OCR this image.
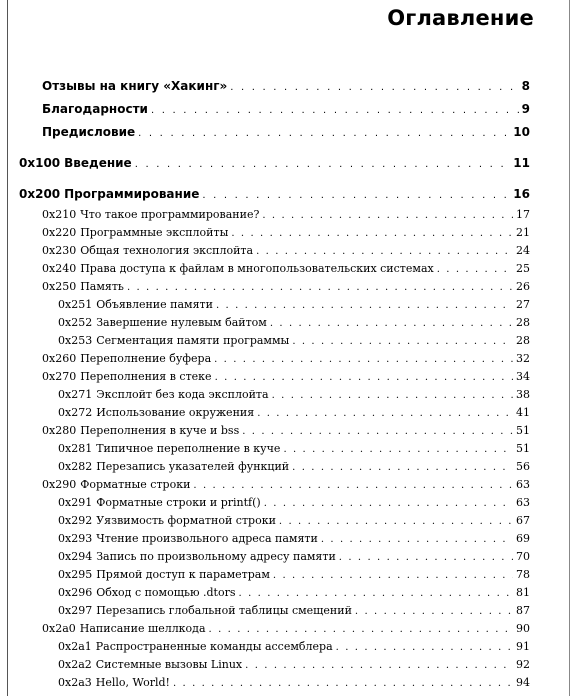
Оглавление
Отзывы на книгу «Хакинг» . . .	8
Благодарности . . .	9
Предисловие . . .	10
0x100 Введение . . .	11
0x200 Программирование . . .	16
0x210 Что такое программирование? . . .	17
0x220 Программные эксплойты . . .	21
0x230 Общая технология эксплойта . . .	24
0x240 Права доступа к файлам в многопользовательских системах . . .	25
0x250 Память . . .	26
0x251 Объявление памяти . . .	27
0x252 Завершение нулевым байтом . . .	28
0x253 Сегментация памяти программы . . .	28
0x260 Переполнение буфера . . .	32
0x270 Переполнения в стеке . . .	34
0x271 Эксплойт без кода эксплойта . . .	38
0x272 Использование окружения . . .	41
0x280 Переполнения в куче и bss . . .	51
0x281 Типичное переполнение в куче . . .	51
0x282 Перезапись указателей функций . . .	56
0x290 Форматные строки . . .	63
0x291 Форматные строки и printf() . . .	63
0x292 Уязвимость форматной строки . . .	67
0x293 Чтение произвольного адреса памяти . . .	69
0x294 Запись по произвольному адресу памяти . . .	70
0x295 Прямой доступ к параметрам . . .	78
0x296 Обход с помощью .dtors . . .	81
0x297 Перезапись глобальной таблицы смещений . . .	87
0x2a0 Написание шеллкода . . .	90
0x2a1 Распространенные команды ассемблера . . .	91
0x2a2 Системные вызовы Linux . . .	92
0x2a3 Hello, World! . . .	94
